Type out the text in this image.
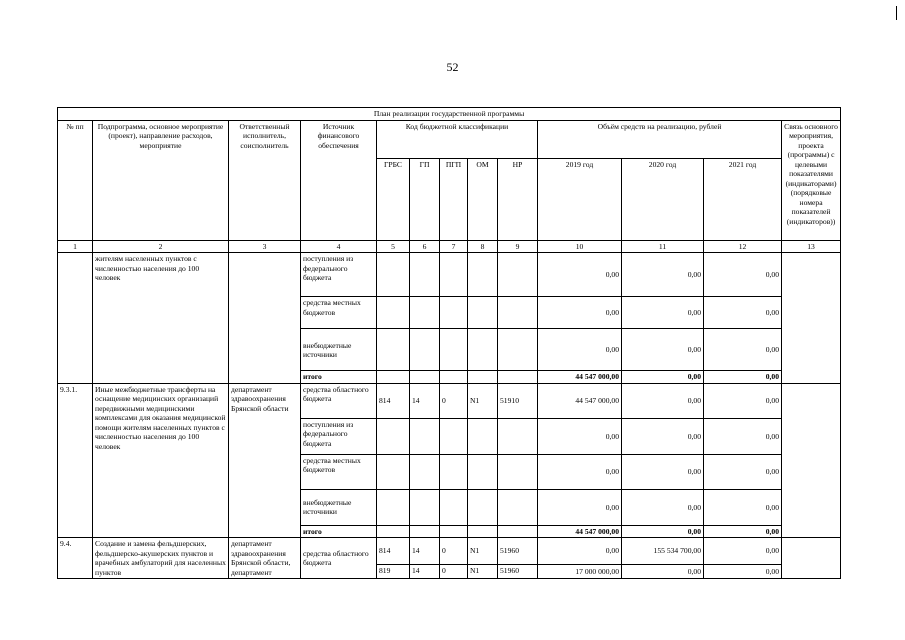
52
План реализации государственной программы												
№ пп	Подпрограмма, основное мероприятие (проект), направление расходов, мероприятие	Ответственный исполнитель, соисполнитель	Источник финансового обеспечения	Код бюджетной классификации					Объём средств на реализацию, рублей			Связь основного мероприятия, проекта (программы) с целевыми показателями (индикаторами) (порядковые номера показателей (индикаторов))
				ГРБС	ГП	ПГП	ОМ	НР	2019 год	2020 год	2021 год	
1	2	3	4	5	6	7	8	9	10	11	12	13
	жителям населенных пунктов с численностью населения до 100 человек		поступления из федерального бюджета						0,00	0,00	0,00	
			средства местных бюджетов						0,00	0,00	0,00	
			внебюджетные источники						0,00	0,00	0,00	
			итого						44 547 000,00	0,00	0,00	
9.3.1.	Иные межбюджетные трансферты на оснащение медицинских организаций передвижными медицинскими комплексами для оказания медицинской помощи жителям населенных пунктов с численностью населения до 100 человек	департамент здравоохранения Брянской области	средства областного бюджета	814	14	0	N1	51910	44 547 000,00	0,00	0,00	
			поступления из федерального бюджета						0,00	0,00	0,00	
			средства местных бюджетов						0,00	0,00	0,00	
			внебюджетные источники						0,00	0,00	0,00	
			итого						44 547 000,00	0,00	0,00	
9.4.	Создание и замена фельдшерских, фельдшерско-акушерских пунктов и врачебных амбулаторий для населенных пунктов	департамент здравоохранения Брянской области, департамент	средства областного бюджета	814	14	0	N1	51960	0,00	155 534 700,00	0,00	
				819	14	0	N1	51960	17 000 000,00	0,00	0,00	
